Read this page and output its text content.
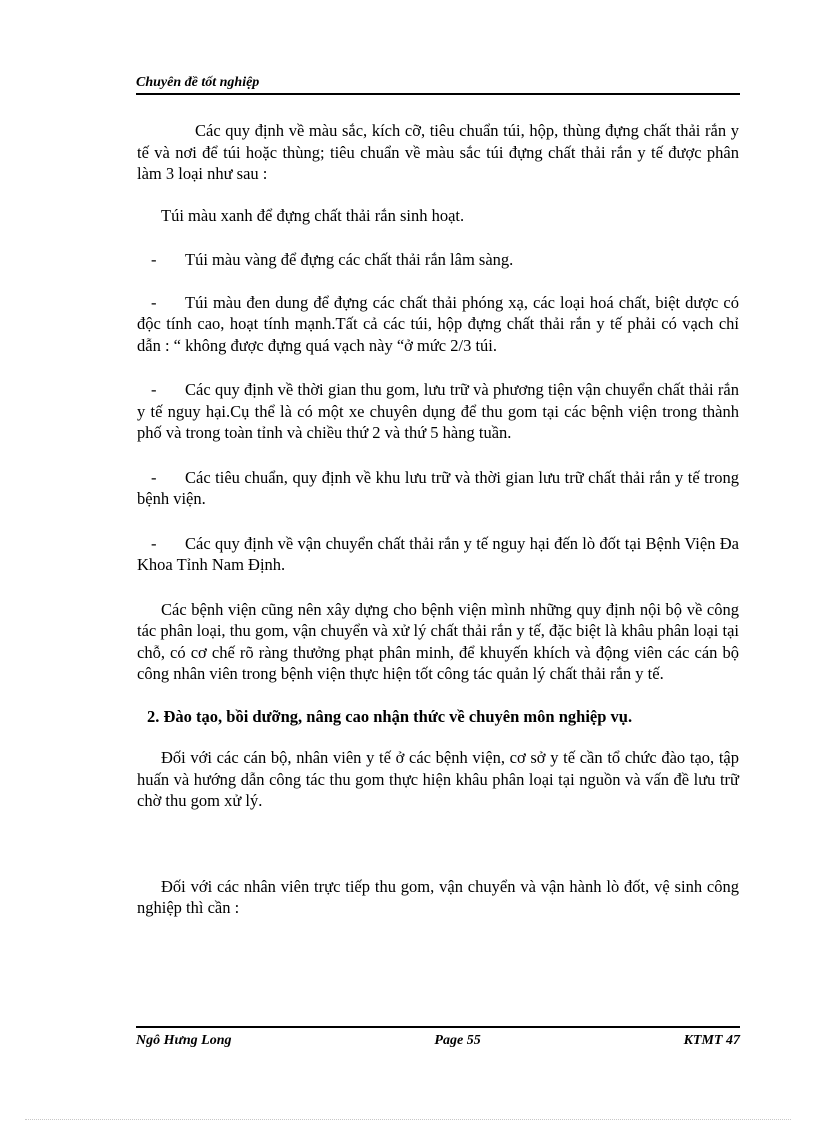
Chuyên đề tốt nghiệp

Các quy định về màu sắc, kích cỡ, tiêu chuẩn túi, hộp, thùng đựng chất thải rắn y tế và nơi để túi hoặc thùng; tiêu chuẩn về màu sắc túi đựng chất thải rắn y tế được phân làm 3 loại như sau :

Túi màu xanh để đựng chất thải rắn sinh hoạt.

- Túi màu vàng để đựng các chất thải rắn lâm sàng.

- Túi màu đen dung để đựng các chất thải phóng xạ, các loại hoá chất, biệt dược có độc tính cao, hoạt tính mạnh.Tất cả các túi, hộp đựng chất thải rắn y tế phải có vạch chỉ dẫn : “ không được đựng quá vạch này “ở mức 2/3 túi.

- Các quy định về thời gian thu gom, lưu trữ và phương tiện vận chuyển chất thải rắn y tế nguy hại.Cụ thể là có một xe chuyên dụng để thu gom tại các bệnh viện trong thành phố và trong toàn tỉnh và chiều thứ 2 và thứ 5 hàng tuần.

- Các tiêu chuẩn, quy định về khu lưu trữ và thời gian lưu trữ chất thải rắn y tế trong bệnh viện.

- Các quy định về vận chuyển chất thải rắn y tế nguy hại đến lò đốt tại Bệnh Viện Đa Khoa Tỉnh Nam Định.

Các bệnh viện cũng nên xây dựng cho bệnh viện mình những quy định nội bộ về công tác phân loại, thu gom, vận chuyển và xử lý chất thải rắn y tế, đặc biệt là khâu phân loại tại chỗ, có cơ chế rõ ràng thưởng phạt phân minh, để khuyến khích và động viên các cán bộ công nhân viên trong bệnh viện thực hiện tốt công tác quản lý chất thải rắn y tế.

2. Đào tạo, bồi dưỡng, nâng cao nhận thức về chuyên môn nghiệp vụ.

Đối với các cán bộ, nhân viên y tế ở các bệnh viện, cơ sở y tế cần tổ chức đào tạo, tập huấn và hướng dẫn công tác thu gom thực hiện khâu phân loại tại nguồn và vấn đề lưu trữ chờ thu gom xử lý.

Đối với các nhân viên trực tiếp thu gom, vận chuyển và vận hành lò đốt, vệ sinh công nghiệp thì cần :

Ngô Hưng Long	Page 55	KTMT 47
